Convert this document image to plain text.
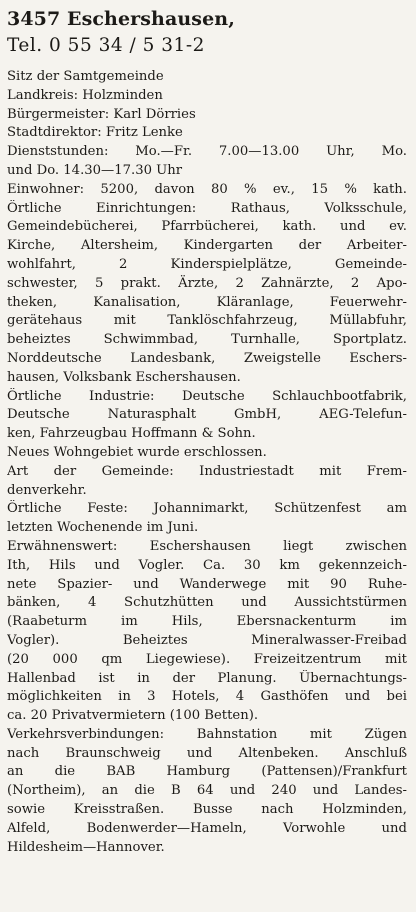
3457 Eschershausen,
Tel. 0 55 34 / 5 31-2
Sitz der Samtgemeinde
Landkreis: Holzminden
Bürgermeister: Karl Dörries
Stadtdirektor: Fritz Lenke
Dienststunden: Mo.—Fr. 7.00—13.00 Uhr, Mo.
und Do. 14.30—17.30 Uhr
Einwohner: 5200, davon 80 % ev., 15 % kath.
Örtliche Einrichtungen: Rathaus, Volksschule,
Gemeindebücherei, Pfarrbücherei, kath. und ev.
Kirche, Altersheim, Kindergarten der Arbeiter-
wohlfahrt, 2 Kinderspielplätze, Gemeinde-
schwester, 5 prakt. Ärzte, 2 Zahnärzte, 2 Apo-
theken, Kanalisation, Kläranlage, Feuerwehr-
gerätehaus mit Tanklöschfahrzeug, Müllabfuhr,
beheiztes Schwimmbad, Turnhalle, Sportplatz.
Norddeutsche Landesbank, Zweigstelle Eschers-
hausen, Volksbank Eschershausen.
Örtliche Industrie: Deutsche Schlauchbootfabrik,
Deutsche Naturasphalt GmbH, AEG-Telefun-
ken, Fahrzeugbau Hoffmann & Sohn.
Neues Wohngebiet wurde erschlossen.
Art der Gemeinde: Industriestadt mit Frem-
denverkehr.
Örtliche Feste: Johannimarkt, Schützenfest am
letzten Wochenende im Juni.
Erwähnenswert: Eschershausen liegt zwischen
Ith, Hils und Vogler. Ca. 30 km gekennzeich-
nete Spazier- und Wanderwege mit 90 Ruhe-
bänken, 4 Schutzhütten und Aussichtstürmen
(Raabeturm im Hils, Ebersnackenturm im
Vogler). Beheiztes Mineralwasser-Freibad
(20 000 qm Liegewiese). Freizeitzentrum mit
Hallenbad ist in der Planung. Übernachtungs-
möglichkeiten in 3 Hotels, 4 Gasthöfen und bei
ca. 20 Privatvermietern (100 Betten).
Verkehrsverbindungen: Bahnstation mit Zügen
nach Braunschweig und Altenbeken. Anschluß
an die BAB Hamburg (Pattensen)/Frankfurt
(Northeim), an die B 64 und 240 und Landes-
sowie Kreisstraßen. Busse nach Holzminden,
Alfeld, Bodenwerder—Hameln, Vorwohle und
Hildesheim—Hannover.
